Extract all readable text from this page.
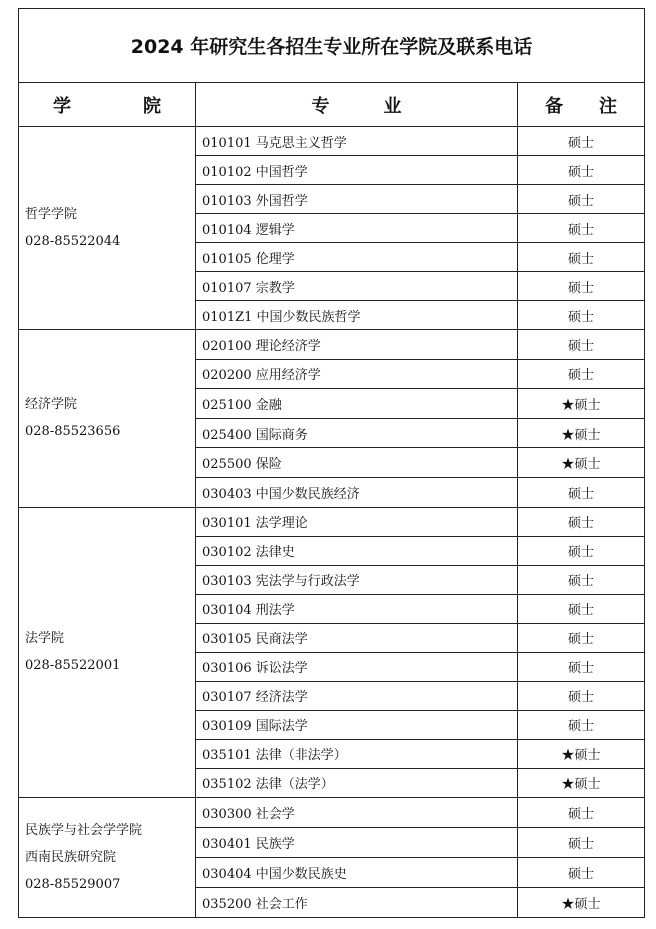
2024 年研究生各招生专业所在学院及联系电话		
学　　　　院	专　　　业	备　　注

哲学学院
028-85522044	010101 马克思主义哲学	硕士
	010102 中国哲学	硕士
	010103 外国哲学	硕士
	010104 逻辑学	硕士
	010105 伦理学	硕士
	010107 宗教学	硕士
	0101Z1 中国少数民族哲学	硕士

经济学院
028-85523656	020100 理论经济学	硕士
	020200 应用经济学	硕士
	025100 金融	★硕士
	025400 国际商务	★硕士
	025500 保险	★硕士
	030403 中国少数民族经济	硕士

法学院
028-85522001	030101 法学理论	硕士
	030102 法律史	硕士
	030103 宪法学与行政法学	硕士
	030104 刑法学	硕士
	030105 民商法学	硕士
	030106 诉讼法学	硕士
	030107 经济法学	硕士
	030109 国际法学	硕士
	035101 法律（非法学）	★硕士
	035102 法律（法学）	★硕士

民族学与社会学学院
西南民族研究院
028-85529007	030300 社会学	硕士
	030401 民族学	硕士
	030404 中国少数民族史	硕士
	035200 社会工作	★硕士
